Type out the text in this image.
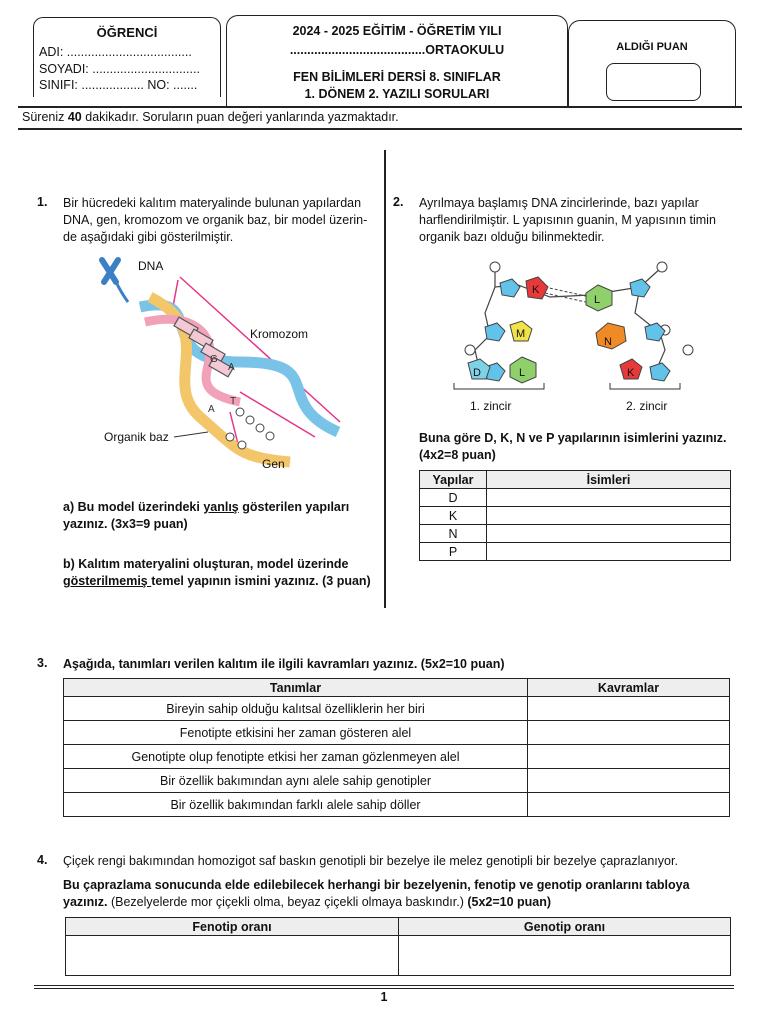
ÖĞRENCİ
ADI: ....................................
SOYADI: ...............................
SINIFI: .................. NO: .......
2024 - 2025 EĞİTİM - ÖĞRETİM YILI
.......................................ORTAOKULU
FEN BİLİMLERİ DERSİ 8. SINIFLAR
1. DÖNEM 2. YAZILI SORULARI
ALDIĞI PUAN
Süreniz 40 dakikadır. Soruların puan değeri yanlarında yazmaktadır.
1. Bir hücredeki kalıtım materyalinde bulunan yapılardan
DNA, gen, kromozom ve organik baz, bir model üzerin-
de aşağıdaki gibi gösterilmiştir.
G
A
A
T
DNA
Kromozom
Organik baz
Gen
a) Bu model üzerindeki yanlış gösterilen yapıları
yazınız. (3x3=9 puan)
b) Kalıtım materyalini oluşturan, model üzerinde
gösterilmemiş temel yapının ismini yazınız. (3 puan)
2. Ayrılmaya başlamış DNA zincirlerinde, bazı yapılar
harflendirilmiştir. L yapısının guanin, M yapısının timin
organik bazı olduğu bilinmektedir.
K
L
M
N
D	L	K
1. zincir	2. zincir
Buna göre D, K, N ve P yapılarının isimlerini yazınız.
(4x2=8 puan)
Yapılar	İsimleri
D	
K	
N	
P	
3. Aşağıda, tanımları verilen kalıtım ile ilgili kavramları yazınız. (5x2=10 puan)
Tanımlar	Kavramlar
Bireyin sahip olduğu kalıtsal özelliklerin her biri	
Fenotipte etkisini her zaman gösteren alel	
Genotipte olup fenotipte etkisi her zaman gözlenmeyen alel	
Bir özellik bakımından aynı alele sahip genotipler	
Bir özellik bakımından farklı alele sahip döller	
4. Çiçek rengi bakımından homozigot saf baskın genotipli bir bezelye ile melez genotipli bir bezelye çaprazlanıyor.
Bu çaprazlama sonucunda elde edilebilecek herhangi bir bezelyenin, fenotip ve genotip oranlarını tabloya
yazınız. (Bezelyelerde mor çiçekli olma, beyaz çiçekli olmaya baskındır.) (5x2=10 puan)
Fenotip oranı	Genotip oranı

1
